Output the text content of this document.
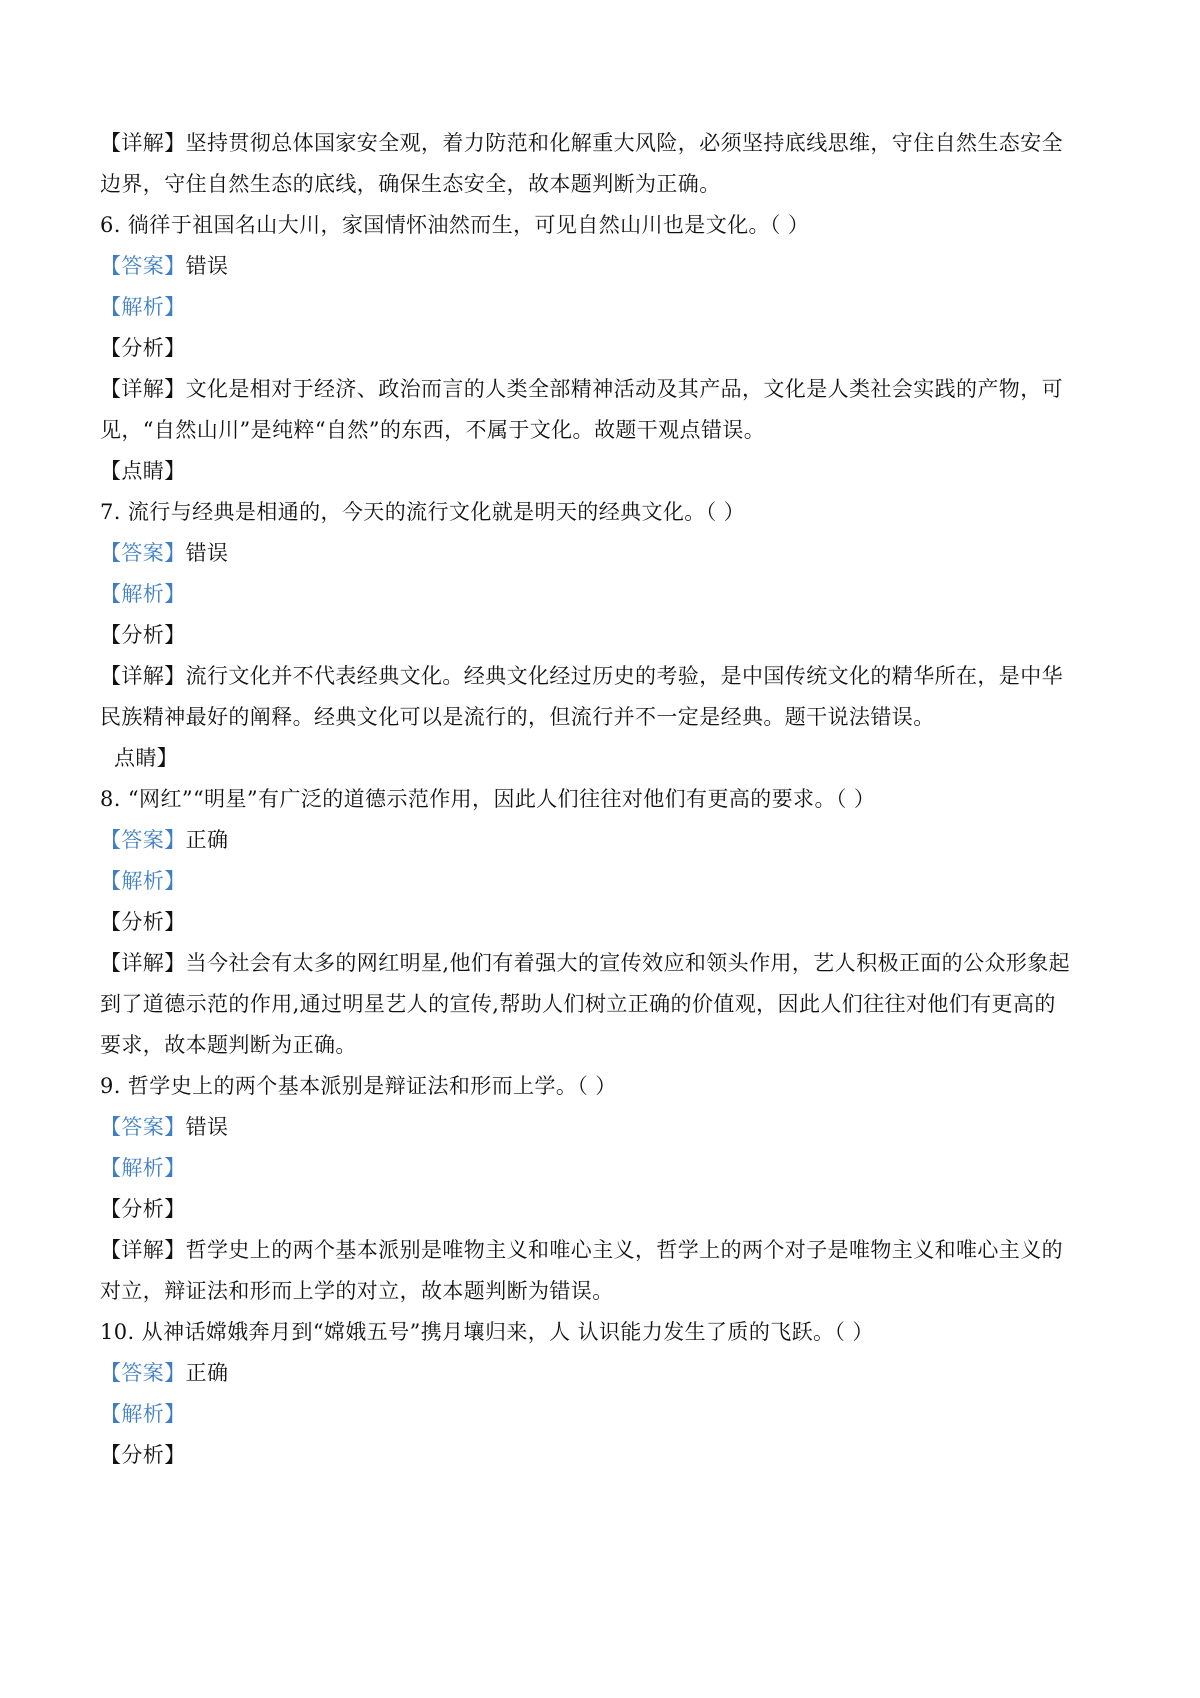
【详解】坚持贯彻总体国家安全观，着力防范和化解重大风险，必须坚持底线思维，守住自然生态安全
边界，守住自然生态的底线，确保生态安全，故本题判断为正确。
6. 徜徉于祖国名山大川，家国情怀油然而生，可见自然山川也是文化。（ ）
【答案】错误
【解析】
【分析】
【详解】文化是相对于经济、政治而言的人类全部精神活动及其产品，文化是人类社会实践的产物，可
见，“自然山川”是纯粹“自然”的东西，不属于文化。故题干观点错误。
【点睛】
7. 流行与经典是相通的，今天的流行文化就是明天的经典文化。（ ）
【答案】错误
【解析】
【分析】
【详解】流行文化并不代表经典文化。经典文化经过历史的考验，是中国传统文化的精华所在，是中华
民族精神最好的阐释。经典文化可以是流行的，但流行并不一定是经典。题干说法错误。
点睛】
8. “网红”“明星”有广泛的道德示范作用，因此人们往往对他们有更高的要求。（ ）
【答案】正确
【解析】
【分析】
【详解】当今社会有太多的网红明星,他们有着强大的宣传效应和领头作用，艺人积极正面的公众形象起
到了道德示范的作用,通过明星艺人的宣传,帮助人们树立正确的价值观，因此人们往往对他们有更高的
要求，故本题判断为正确。
9. 哲学史上的两个基本派别是辩证法和形而上学。（ ）
【答案】错误
【解析】
【分析】
【详解】哲学史上的两个基本派别是唯物主义和唯心主义，哲学上的两个对子是唯物主义和唯心主义的
对立，辩证法和形而上学的对立，故本题判断为错误。
10. 从神话嫦娥奔月到“嫦娥五号”携月壤归来，人 认识能力发生了质的飞跃。（ ）
【答案】正确
【解析】
【分析】
